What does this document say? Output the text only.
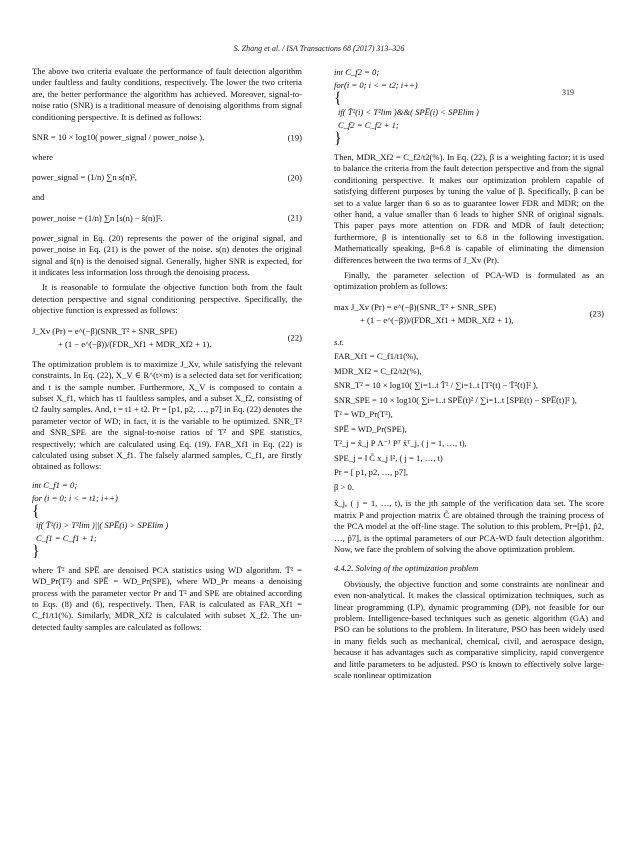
S. Zhang et al. / ISA Transactions 68 (2017) 313–326
319

The above two criteria evaluate the performance of fault detection algorithm under faultless and faulty conditions, respectively. The lower the two criteria are, the better performance the algorithm has achieved. Moreover, signal-to-noise ratio (SNR) is a traditional measure of denoising algorithms from signal conditioning perspective. It is defined as follows:

SNR = 10 × log10( power_signal / power_noise ),	(19)

where

power_signal = (1/n) ∑n s(n)²,	(20)

and

power_noise = (1/n) ∑n [s(n) − ŝ(n)]².	(21)

power_signal in Eq. (20) represents the power of the original signal, and power_noise in Eq. (21) is the power of the noise. s(n) denotes the original signal and ŝ(n) is the denoised signal. Generally, higher SNR is expected, for it indicates less information loss through the denoising process.

It is reasonable to formulate the objective function both from the fault detection perspective and signal conditioning perspective. Specifically, the objective function is expressed as follows:

J_Xv (Pr) = e^(−β)(SNR_T² + SNR_SPE)
+ (1 − e^(−β))/(FDR_Xf1 + MDR_Xf2 + 1).
(22)

The optimization problem is to maximize J_Xv, while satisfying the relevant constraints. In Eq. (22), X_V ∈ R^(t×m) is a selected data set for verification; and t is the sample number. Furthermore, X_V is composed to contain a subset X_f1, which has t1 faultless samples, and a subset X_f2, consisting of t2 faulty samples. And, t = t1 + t2. Pr = [p1, p2, …, p7] in Eq. (22) denotes the parameter vector of WD; in fact, it is the variable to be optimized. SNR_T² and SNR_SPE are the signal-to-noise ratios of T² and SPE statistics, respectively; which are calculated using Eq. (19). FAR_Xf1 in Eq. (22) is calculated using subset X_f1. The falsely alarmed samples, C_f1, are firstly obtained as follows:

int C_f1 = 0;
for (i = 0; i < = t1; i++)
{
if( T̄²(i) > T²lim )||( SPE̅(i) > SPElim )
C_f1 = C_f1 + 1;
}

where T̄² and SPE̅ are denoised PCA statistics using WD algorithm. T̄² = WD_Pr(T²) and SPE̅ = WD_Pr(SPE), where WD_Pr means a denoising process with the parameter vector Pr and T² and SPE are obtained according to Eqs. (8) and (6), respectively. Then, FAR is calculated as FAR_Xf1 = C_f1/t1(%). Similarly, MDR_Xf2 is calculated with subset X_f2. The un-detected faulty samples are calculated as follows:

int C_f2 = 0;
for(i = 0; i < = t2; i++)
{
if( T̄²(i) < T²lim )&&( SPE̅(i) < SPElim )
C_f2 = C_f2 + 1;
}

Then, MDR_Xf2 = C_f2/t2(%). In Eq. (22), β is a weighting factor; it is used to balance the criteria from the fault detection perspective and from the signal conditioning perspective. It makes our optimization problem capable of satisfying different purposes by tuning the value of β. Specifically, β can be set to a value larger than 6 so as to guarantee lower FDR and MDR; on the other hand, a value smaller than 6 leads to higher SNR of original signals. This paper pays more attention on FDR and MDR of fault detection; furthermore, β is intentionally set to 6.8 in the following investigation. Mathematically speaking, β=6.8 is capable of eliminating the dimension differences between the two terms of J_Xv (Pr).

Finally, the parameter selection of PCA-WD is formulated as an optimization problem as follows:

max J_Xv (Pr) = e^(−β)(SNR_T² + SNR_SPE)
+ (1 − e^(−β))/(FDR_Xf1 + MDR_Xf2 + 1),
(23)
s.t.
FAR_Xf1 = C_f1/t1(%),
MDR_Xf2 = C_f2/t2(%),
SNR_T² = 10 × log10( ∑i=1..t T̄² / ∑i=1..t [T²(t) − T̄²(t)]² ),
SNR_SPE = 10 × log10( ∑i=1..t SPE̅(t)² / ∑i=1..t [SPE(t) − SPE̅(t)]² ),
T̄² = WD_Pr(T²),
SPE̅ = WD_Pr(SPE),
T²_j = x̂_j P Λ⁻¹ Pᵀ x̂ᵀ_j, ( j = 1, …, t),
SPE_j = ‖ C̃ x_j ‖², ( j = 1, …, t)
Pr = [ p1, p2, …, p7],
β > 0.

x̂_j, ( j = 1, …, t), is the jth sample of the verification data set. The score matrix P and projection matrix C̃ are obtained through the training process of the PCA model at the off-line stage. The solution to this problem, Pr=[p̂1, p̂2, …, p̂7], is the optimal parameters of our PCA-WD fault detection algorithm. Now, we face the problem of solving the above optimization problem.

4.4.2. Solving of the optimization problem

Obviously, the objective function and some constraints are nonlinear and even non-analytical. It makes the classical optimization techniques, such as linear programming (LP), dynamic programming (DP), not feasible for our problem. Intelligence-based techniques such as genetic algorithm (GA) and PSO can be solutions to the problem. In literature, PSO has been widely used in many fields such as mechanical, chemical, civil, and aerospace design, because it has advantages such as comparative simplicity, rapid convergence and little parameters to be adjusted. PSO is known to effectively solve large-scale nonlinear optimization
